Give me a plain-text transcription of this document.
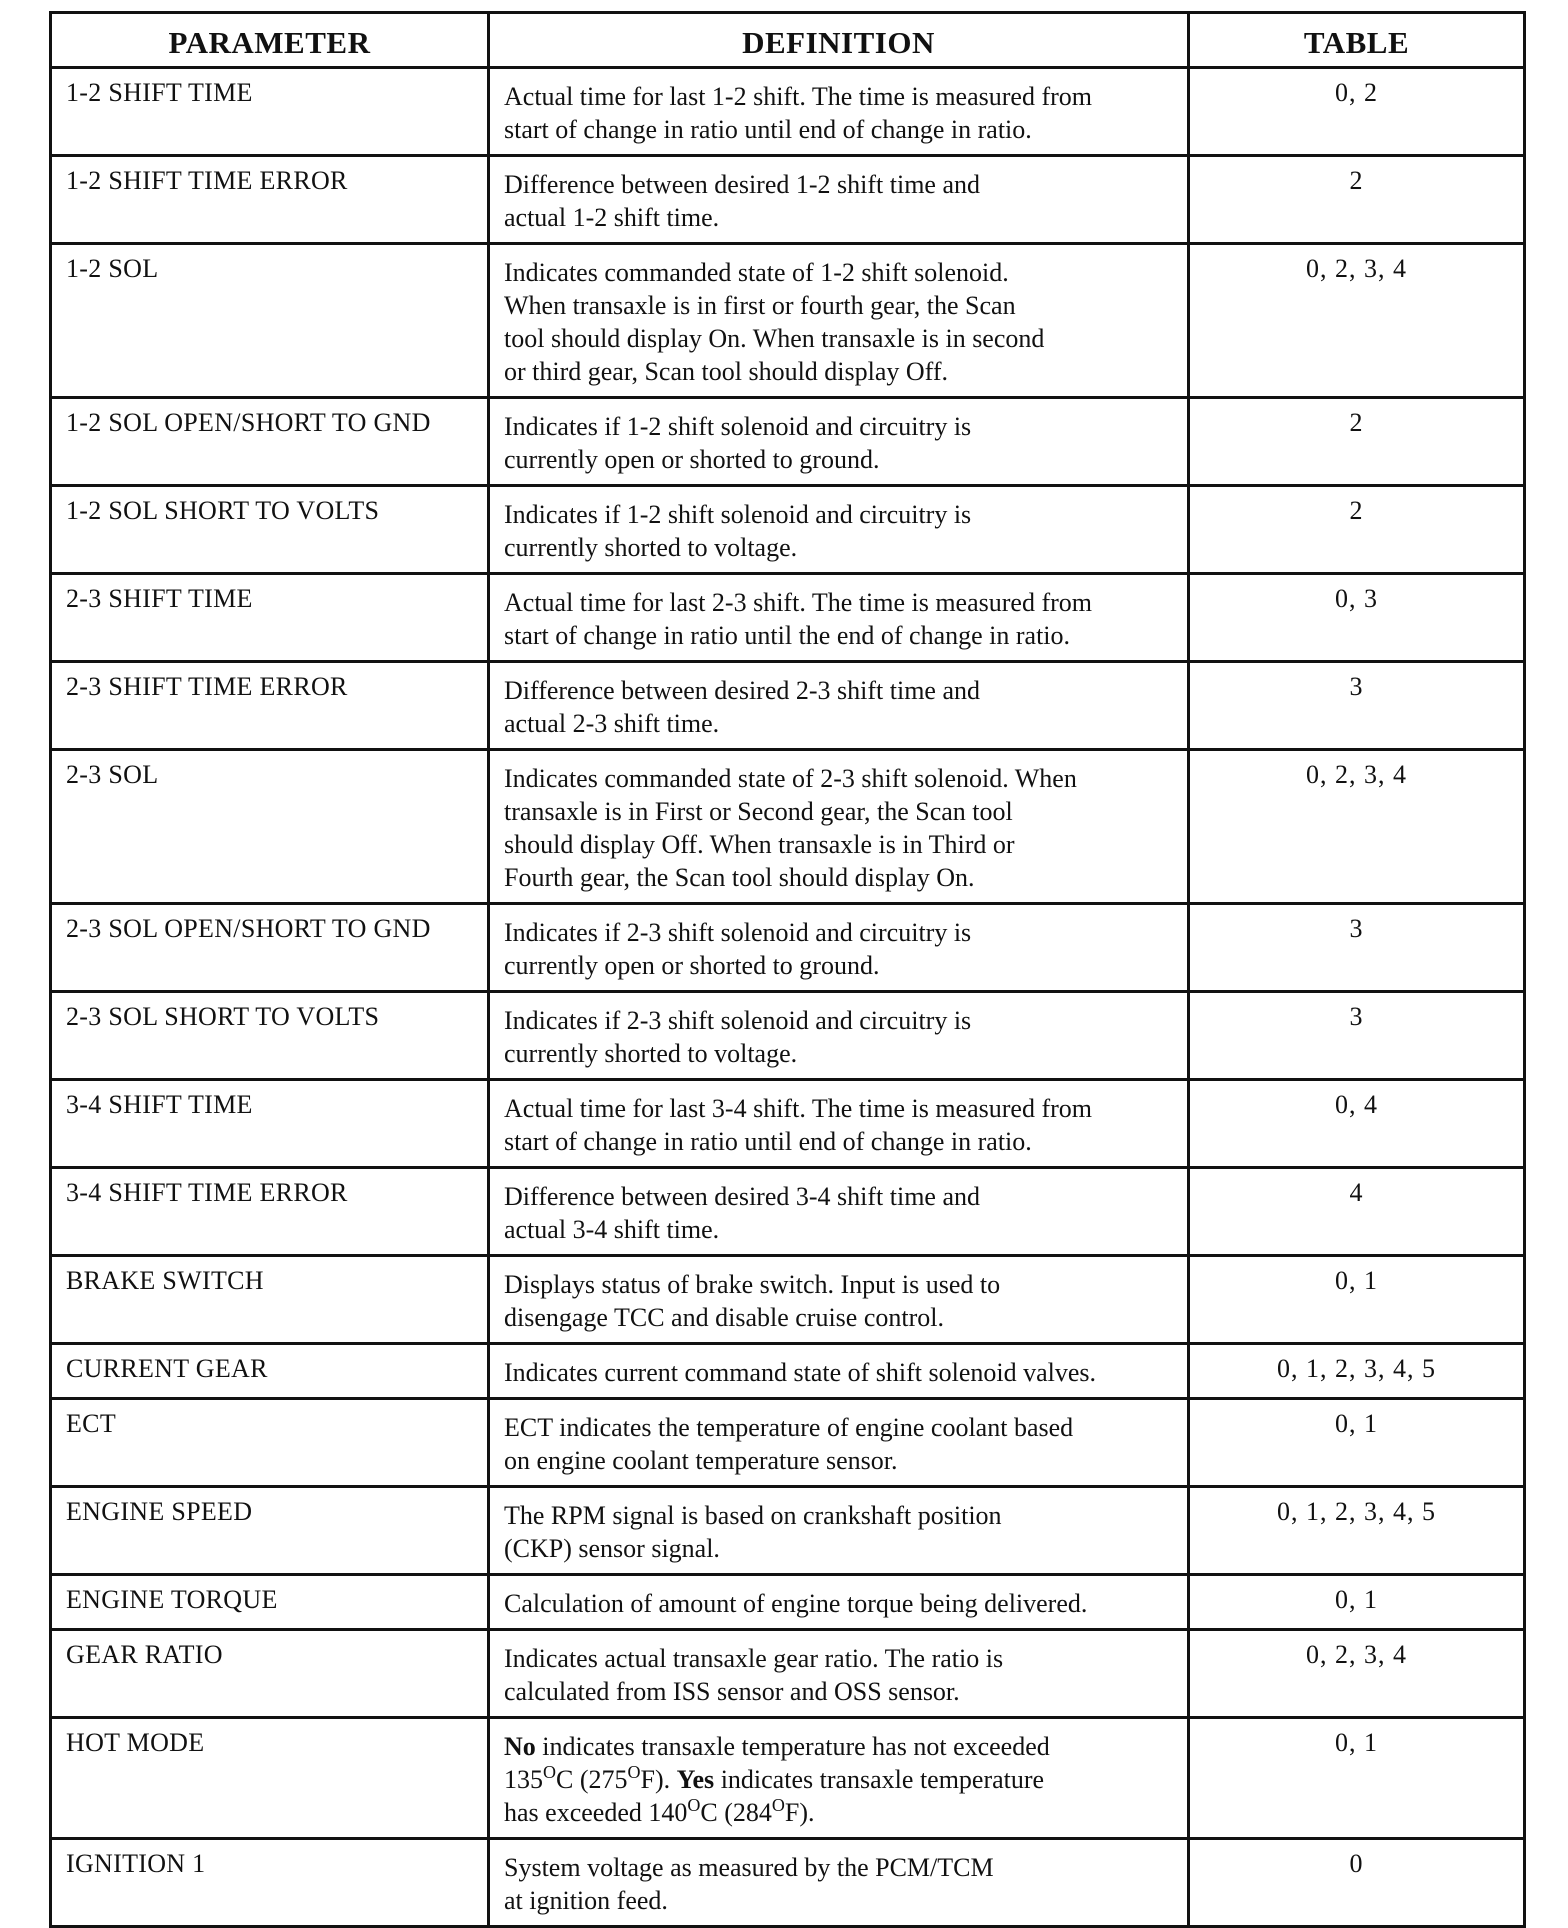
PARAMETER	DEFINITION	TABLE
1-2 SHIFT TIME	Actual time for last 1-2 shift. The time is measured from
start of change in ratio until end of change in ratio.	0, 2
1-2 SHIFT TIME ERROR	Difference between desired 1-2 shift time and
actual 1-2 shift time.	2
1-2 SOL	Indicates commanded state of 1-2 shift solenoid.
When transaxle is in first or fourth gear, the Scan
tool should display On. When transaxle is in second
or third gear, Scan tool should display Off.	0, 2, 3, 4
1-2 SOL OPEN/SHORT TO GND	Indicates if 1-2 shift solenoid and circuitry is
currently open or shorted to ground.	2
1-2 SOL SHORT TO VOLTS	Indicates if 1-2 shift solenoid and circuitry is
currently shorted to voltage.	2
2-3 SHIFT TIME	Actual time for last 2-3 shift. The time is measured from
start of change in ratio until the end of change in ratio.	0, 3
2-3 SHIFT TIME ERROR	Difference between desired 2-3 shift time and
actual 2-3 shift time.	3
2-3 SOL	Indicates commanded state of 2-3 shift solenoid. When
transaxle is in First or Second gear, the Scan tool
should display Off. When transaxle is in Third or
Fourth gear, the Scan tool should display On.	0, 2, 3, 4
2-3 SOL OPEN/SHORT TO GND	Indicates if 2-3 shift solenoid and circuitry is
currently open or shorted to ground.	3
2-3 SOL SHORT TO VOLTS	Indicates if 2-3 shift solenoid and circuitry is
currently shorted to voltage.	3
3-4 SHIFT TIME	Actual time for last 3-4 shift. The time is measured from
start of change in ratio until end of change in ratio.	0, 4
3-4 SHIFT TIME ERROR	Difference between desired 3-4 shift time and
actual 3-4 shift time.	4
BRAKE SWITCH	Displays status of brake switch. Input is used to
disengage TCC and disable cruise control.	0, 1
CURRENT GEAR	Indicates current command state of shift solenoid valves.	0, 1, 2, 3, 4, 5
ECT	ECT indicates the temperature of engine coolant based
on engine coolant temperature sensor.	0, 1
ENGINE SPEED	The RPM signal is based on crankshaft position
(CKP) sensor signal.	0, 1, 2, 3, 4, 5
ENGINE TORQUE	Calculation of amount of engine torque being delivered.	0, 1
GEAR RATIO	Indicates actual transaxle gear ratio. The ratio is
calculated from ISS sensor and OSS sensor.	0, 2, 3, 4
HOT MODE	No indicates transaxle temperature has not exceeded
$135^OC$ $(275^OF)$. Yes indicates transaxle temperature
has exceeded $140^OC$ $(284^OF)$.	0, 1
IGNITION 1	System voltage as measured by the PCM/TCM
at ignition feed.	0
